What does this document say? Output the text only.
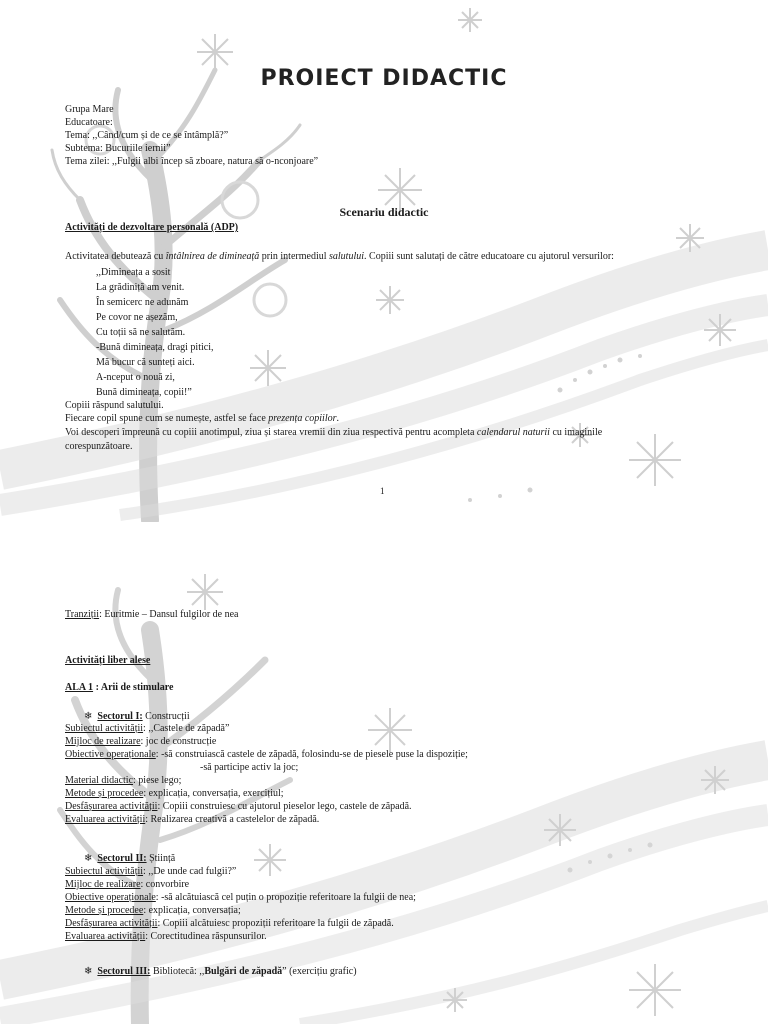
PROIECT DIDACTIC
Grupa Mare
Educatoare:
Tema: ,,Când/cum și de ce se întâmplă?”
Subtema: Bucuriile iernii”
Tema zilei: ,,Fulgii albi încep să zboare, natura să o-nconjoare”
Scenariu didactic
Activități de dezvoltare personală (ADP)
Activitatea debutează cu întâlnirea de dimineață prin intermediul salutului. Copiii sunt salutați de către educatoare cu ajutorul versurilor:
,,Dimineața a sosit
La grădiniță am venit.
În semicerc ne adunăm
Pe covor ne așezăm,
Cu toții să ne salutăm.
-Bună dimineața, dragi pitici,
Mă bucur că sunteți aici.
A-nceput o nouă zi,
Bună dimineața, copii!”
Copiii răspund salutului.
Fiecare copil spune cum se numește, astfel se face prezența copiilor.
Voi descoperi împreună cu copiii anotimpul, ziua și starea vremii din ziua respectivă pentru acompleta calendarul naturii cu imaginile
corespunzătoare.
1
Tranziții: Euritmie – Dansul fulgilor de nea
Activități liber alese
ALA 1 : Arii de stimulare
❄ Sectorul I: Construcții
Subiectul activității: ,,Castele de zăpadă”
Mijloc de realizare: joc de construcție
Obiective operaționale: -să construiască castele de zăpadă, folosindu-se de piesele puse la dispoziție;
-să participe activ la joc;
Material didactic: piese lego;
Metode și procedee: explicația, conversația, exercițiul;
Desfășurarea activității: Copiii construiesc cu ajutorul pieselor lego, castele de zăpadă.
Evaluarea activității: Realizarea creativă a castelelor de zăpadă.
❄ Sectorul II: Știință
Subiectul activității: ,,De unde cad fulgii?”
Mijloc de realizare: convorbire
Obiective operaționale: -să alcătuiască cel puțin o propoziție referitoare la fulgii de nea;
Metode și procedee: explicația, conversația;
Desfășurarea activității: Copiii alcătuiesc propoziții referitoare la fulgii de zăpadă.
Evaluarea activității: Corectitudinea răspunsurilor.
❄ Sectorul III: Bibliotecă: ,,Bulgări de zăpadă” (exercițiu grafic)
